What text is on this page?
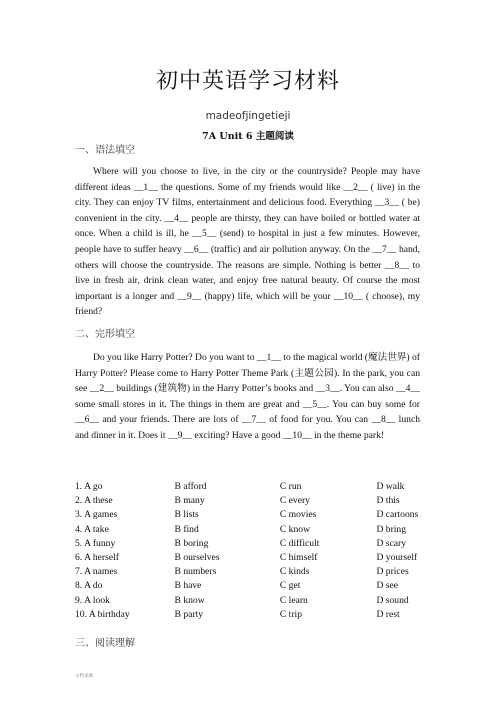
初中英语学习材料
madeofjingetieji
7A Unit 6 主题阅读
一、语法填空
Where will you choose to live, in the city or the countryside? People may have different ideas __1__ the questions. Some of my friends would like __2__ ( live) in the city. They can enjoy TV films, entertainment and delicious food. Everything __3__ ( be) convenient in the city. __4__ people are thirsty, they can have boiled or bottled water at once. When a child is ill, he __5__ (send) to hospital in just a few minutes. However, people have to suffer heavy __6__ (traffic) and air pollution anyway. On the __7__ hand, others will choose the countryside. The reasons are simple. Nothing is better __8__ to live in fresh air, drink clean water, and enjoy free natural beauty. Of course the most important is a longer and __9__ (happy) life, which will be your __10__ ( choose), my friend?
二、完形填空
Do you like Harry Potter? Do you want to __1__ to the magical world (魔法世界) of Harry Potter? Please come to Harry Potter Theme Park (主题公园). In the park, you can see __2__ buildings (建筑物) in the Harry Potter’s books and __3__. You can also __4__ some small stores in it. The things in them are great and __5__. You can buy some for __6__ and your friends. There are lots of __7__ of food for you. You can __8__ lunch and dinner in it. Does it __9__ exciting? Have a good __10__ in the theme park!
1. A go	B afford	C run	D walk
2. A these	B many	C every	D this
3. A games	B lists	C movies	D cartoons
4. A take	B find	C know	D bring
5. A funny	B boring	C difficult	D scary
6. A herself	B ourselves	C himself	D yourself
7. A names	B numbers	C kinds	D prices
8. A do	B have	C get	D see
9. A look	B know	C learn	D sound
10. A birthday	B party	C trip	D rest
三、阅读理解
文档来源
